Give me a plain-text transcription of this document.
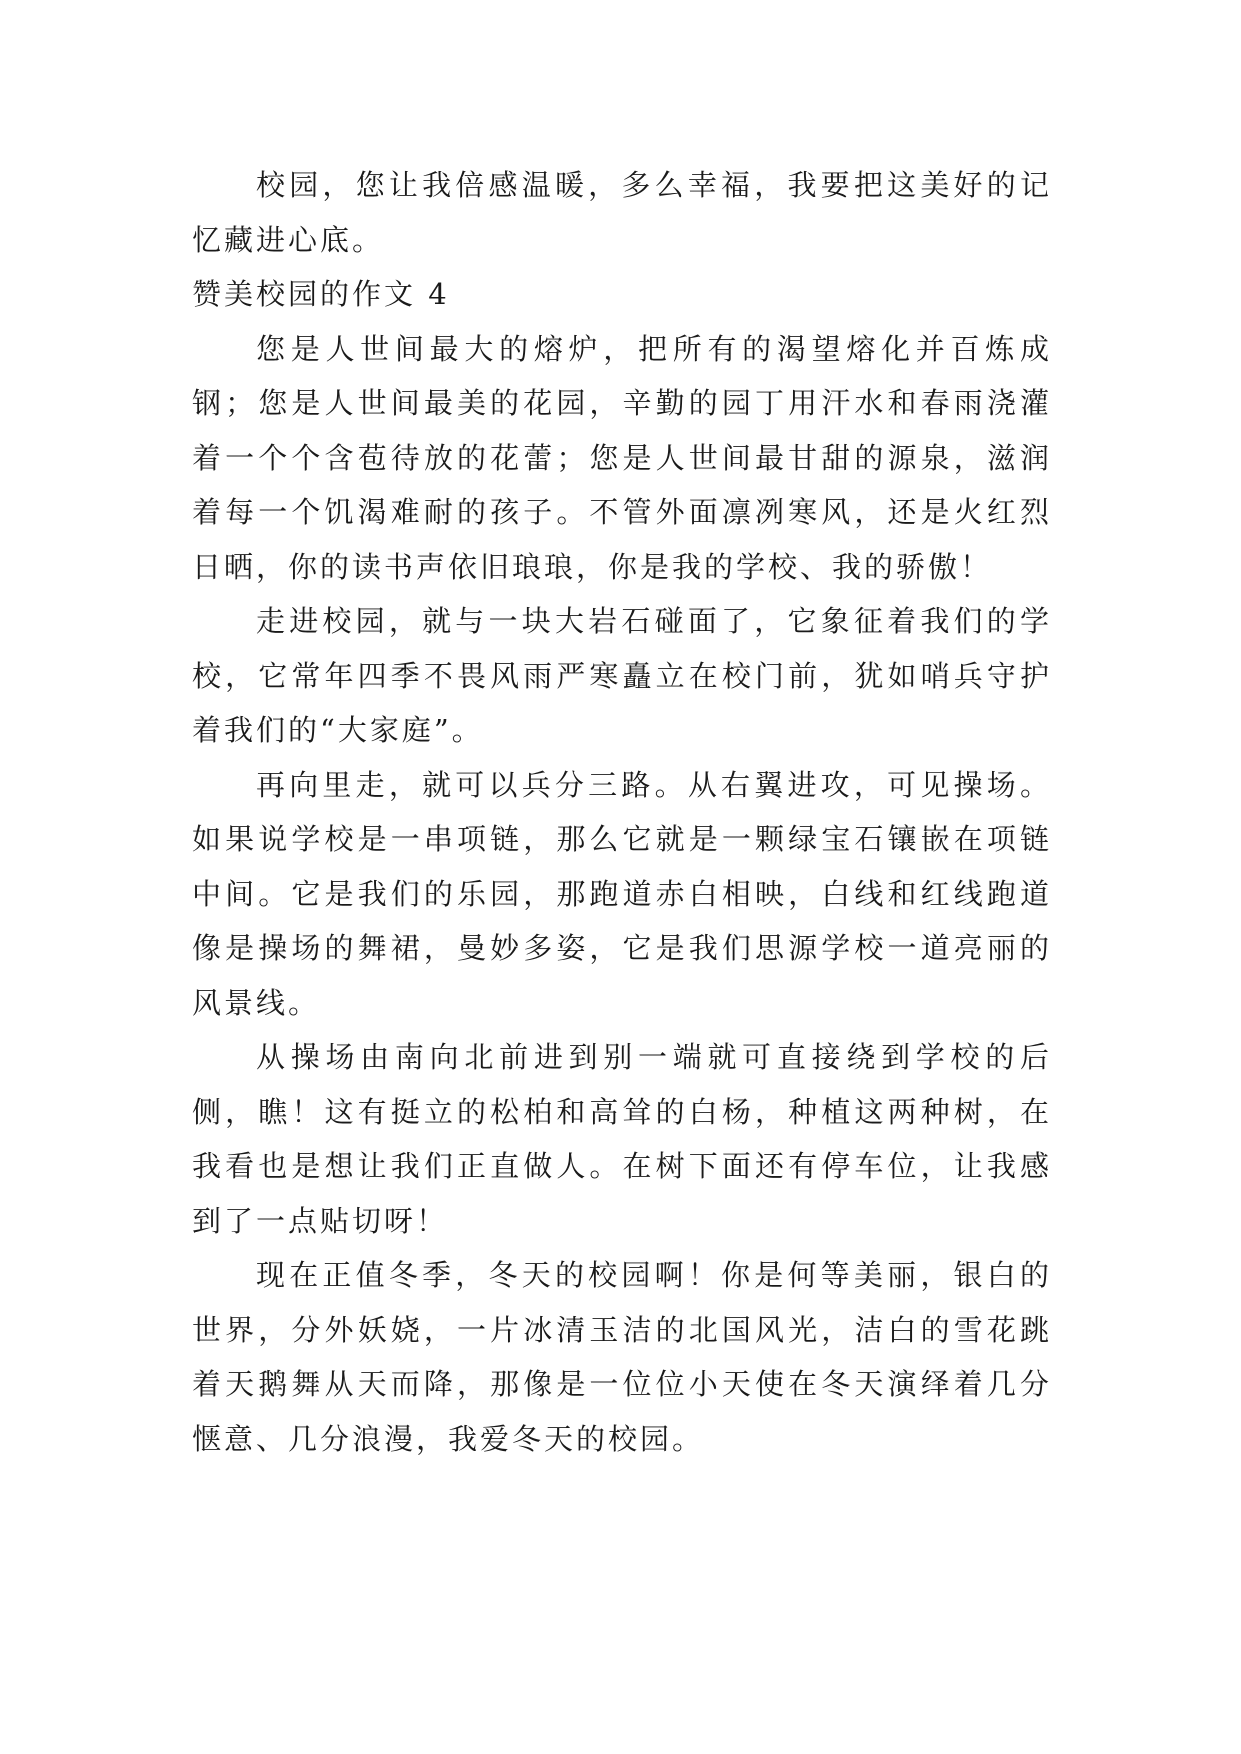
校园，您让我倍感温暖，多么幸福，我要把这美好的记忆藏进心底。

赞美校园的作文 4

您是人世间最大的熔炉，把所有的渴望熔化并百炼成钢；您是人世间最美的花园，辛勤的园丁用汗水和春雨浇灌着一个个含苞待放的花蕾；您是人世间最甘甜的源泉，滋润着每一个饥渴难耐的孩子。不管外面凛冽寒风，还是火红烈日晒，你的读书声依旧琅琅，你是我的学校、我的骄傲！

走进校园，就与一块大岩石碰面了，它象征着我们的学校，它常年四季不畏风雨严寒矗立在校门前，犹如哨兵守护着我们的“大家庭”。

再向里走，就可以兵分三路。从右翼进攻，可见操场。如果说学校是一串项链，那么它就是一颗绿宝石镶嵌在项链中间。它是我们的乐园，那跑道赤白相映，白线和红线跑道像是操场的舞裙，曼妙多姿，它是我们思源学校一道亮丽的风景线。

从操场由南向北前进到别一端就可直接绕到学校的后侧，瞧！这有挺立的松柏和高耸的白杨，种植这两种树，在我看也是想让我们正直做人。在树下面还有停车位，让我感到了一点贴切呀！

现在正值冬季，冬天的校园啊！你是何等美丽，银白的世界，分外妖娆，一片冰清玉洁的北国风光，洁白的雪花跳着天鹅舞从天而降，那像是一位位小天使在冬天演绎着几分惬意、几分浪漫，我爱冬天的校园。
